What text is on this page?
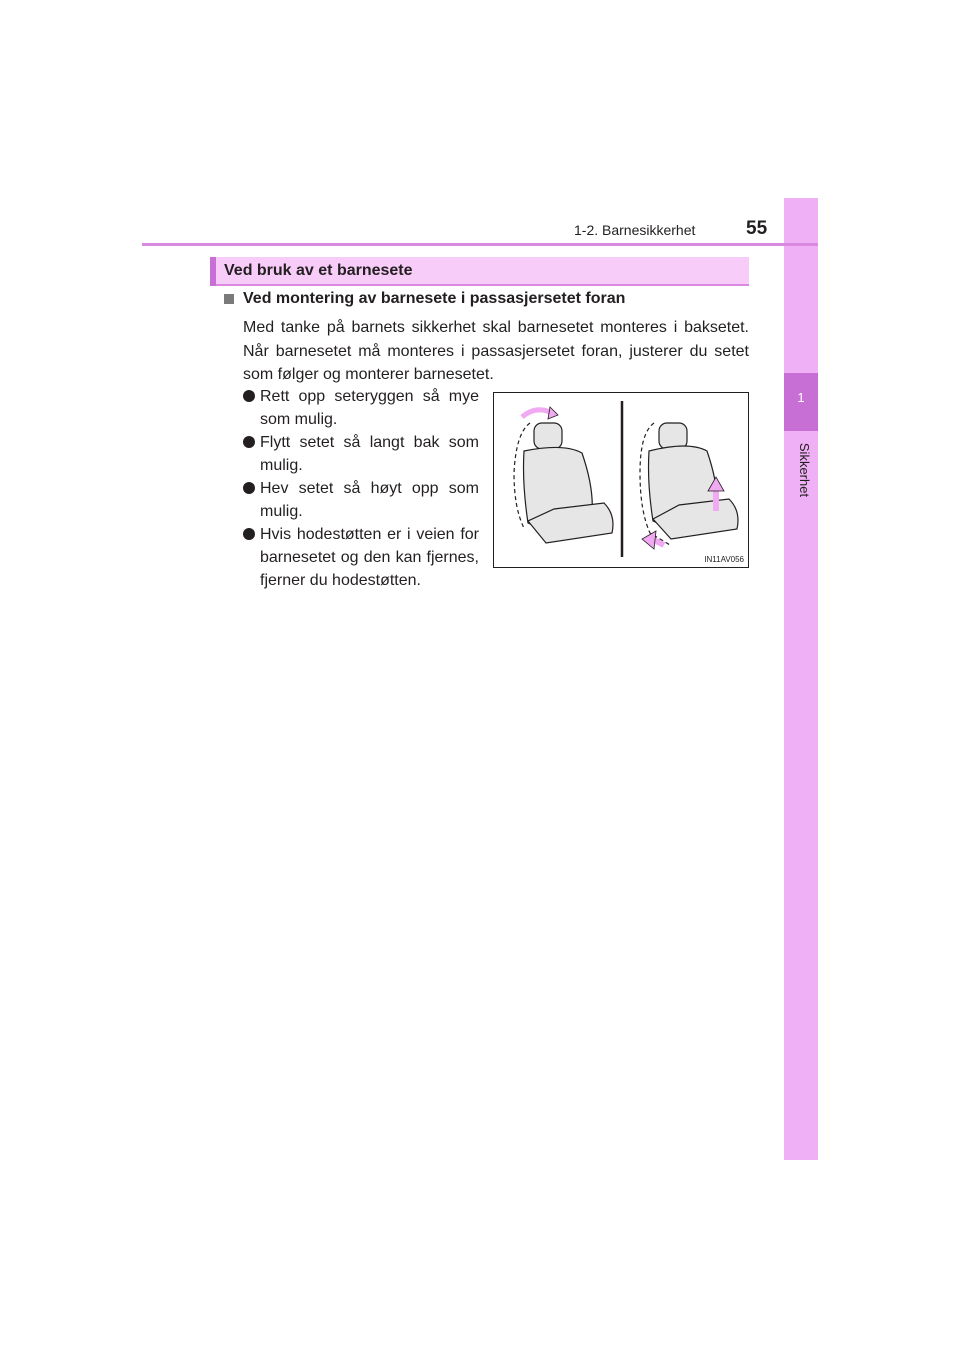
1
Sikkerhet
1-2. Barnesikkerhet	55
Ved bruk av et barnesete
Ved montering av barnesete i passasjersetet foran
Med tanke på barnets sikkerhet skal barnesetet monteres i baksetet. Når barnesetet må monteres i passasjersetet foran, justerer du setet som følger og monterer barnesetet.
Rett opp seteryggen så mye som mulig.
Flytt setet så langt bak som mulig.
Hev setet så høyt opp som mulig.
Hvis hodestøtten er i veien for barnesetet og den kan fjernes, fjerner du hodestøtten.
IN11AV056
